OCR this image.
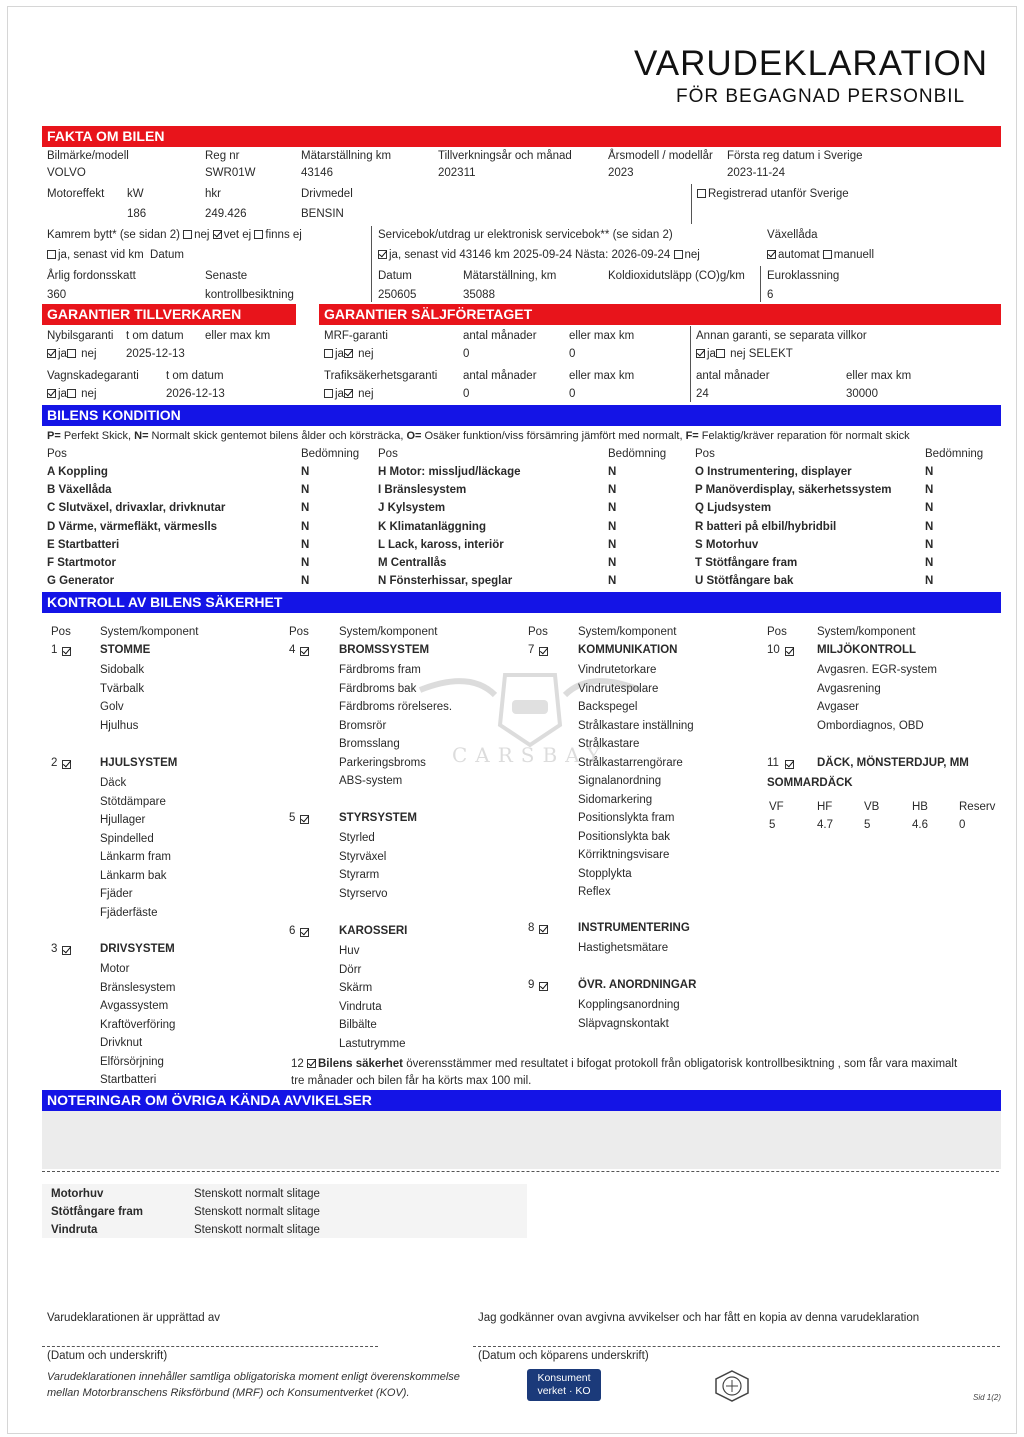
VARUDEKLARATION
FÖR BEGAGNAD PERSONBIL
FAKTA OM BILEN
Bilmärke/modell
VOLVO
Reg nr
SWR01W
Mätarställning km
43146
Tillverkningsår och månad
202311
Årsmodell / modellår
2023
Första reg datum i Sverige
2023-11-24
Motoreffekt kW	hkr	Drivmedel
186	249.426	BENSIN
Registrerad utanför Sverige
Kamrem bytt* (se sidan 2) nej vet ej finns ej
ja, senast vid km Datum
Servicebok/utdrag ur elektronisk servicebok** (se sidan 2)
ja, senast vid 43146 km 2025-09-24 Nästa: 2026-09-24 nej
Växellåda
automat manuell
Årlig fordonsskatt
360
Senaste
kontrollbesiktning
Datum
250605
Mätarställning, km
35088
Koldioxidutsläpp (CO)g/km Euroklassning
6
GARANTIER TILLVERKAREN	GARANTIER SÄLJFÖRETAGET
Nybilsgaranti t om datum eller max km
ja nej	2025-12-13
Vagnskadegaranti t om datum
ja nej	2026-12-13
MRF-garanti	antal månader	eller max km
ja nej	0	0
Trafiksäkerhetsgaranti antal månader	eller max km
ja nej	0	0
Annan garanti, se separata villkor
ja nej SELEKT
antal månader	eller max km
24	30000
BILENS KONDITION
P= Perfekt Skick, N= Normalt skick gentemot bilens ålder och körsträcka, O= Osäker funktion/viss försämring jämfört med normalt, F= Felaktig/kräver reparation för normalt skick
Pos	Bedömning Pos	Bedömning	Pos	Bedömning
A Koppling	N
B Växellåda	N
C Slutväxel, drivaxlar, drivknutar	N
D Värme, värmefläkt, värmeslls	N
E Startbatteri	N
F Startmotor	N
G Generator	N
H Motor: missljud/läckage	N
I Bränslesystem	N
J Kylsystem	N
K Klimatanläggning	N
L Lack, kaross, interiör	N
M Centrallås	N
N Fönsterhissar, speglar	N
O Instrumentering, displayer	N
P Manöverdisplay, säkerhetssystem	N
Q Ljudsystem	N
R batteri på elbil/hybridbil	N
S Motorhuv	N
T Stötfångare fram	N
U Stötfångare bak	N
KONTROLL AV BILENS SÄKERHET
Pos	System/komponent	Pos	System/komponent	Pos	System/komponent	Pos	System/komponent
1	STOMME
Sidobalk
Tvärbalk
Golv
Hjulhus
2	HJULSYSTEM
Däck
Stötdämpare
Hjullager
Spindelled
Länkarm fram
Länkarm bak
Fjäder
Fjäderfäste
3	DRIVSYSTEM
Motor
Bränslesystem
Avgassystem
Kraftöverföring
Drivknut
Elförsörjning
Startbatteri
4	BROMSSYSTEM
Färdbroms fram
Färdbroms bak
Färdbroms rörelseres.
Bromsrör
Bromsslang
Parkeringsbroms
ABS-system
5	STYRSYSTEM
Styrled
Styrväxel
Styrarm
Styrservo
6	KAROSSERI
Huv
Dörr
Skärm
Vindruta
Bilbälte
Lastutrymme
7	KOMMUNIKATION
Vindrutetorkare
Vindrutespolare
Backspegel
Strålkastare inställning
Strålkastare
Strålkastarrengörare
Signalanordning
Sidomarkering
Positionslykta fram
Positionslykta bak
Körriktningsvisare
Stopplykta
Reflex
8	INSTRUMENTERING
Hastighetsmätare
9	ÖVR. ANORDNINGAR
Kopplingsanordning
Släpvagnskontakt
10	MILJÖKONTROLL
Avgasren. EGR-system
Avgasrening
Avgaser
Ombordiagnos, OBD
11	DÄCK, MÖNSTERDJUP, MM
SOMMARDÄCK
VF
5
HF
4.7
VB
5
HB
4.6
Reserv
0
CARSBAY
12 Bilens säkerhet överensstämmer med resultatet i bifogat protokoll från obligatorisk kontrollbesiktning , som får vara maximalt
tre månader och bilen får ha körts max 100 mil.
NOTERINGAR OM ÖVRIGA KÄNDA AVVIKELSER
Motorhuv	Stenskott normalt slitage
Stötfångare fram	Stenskott normalt slitage
Vindruta	Stenskott normalt slitage
Varudeklarationen är upprättad av	Jag godkänner ovan avgivna avvikelser och har fått en kopia av denna varudeklaration
(Datum och underskrift)	(Datum och köparens underskrift)
Varudeklarationen innehåller samtliga obligatoriska moment enligt överenskommelse
mellan Motorbranschens Riksförbund (MRF) och Konsumentverket (KOV).
Konsument
verket · KO
Sid 1(2)
